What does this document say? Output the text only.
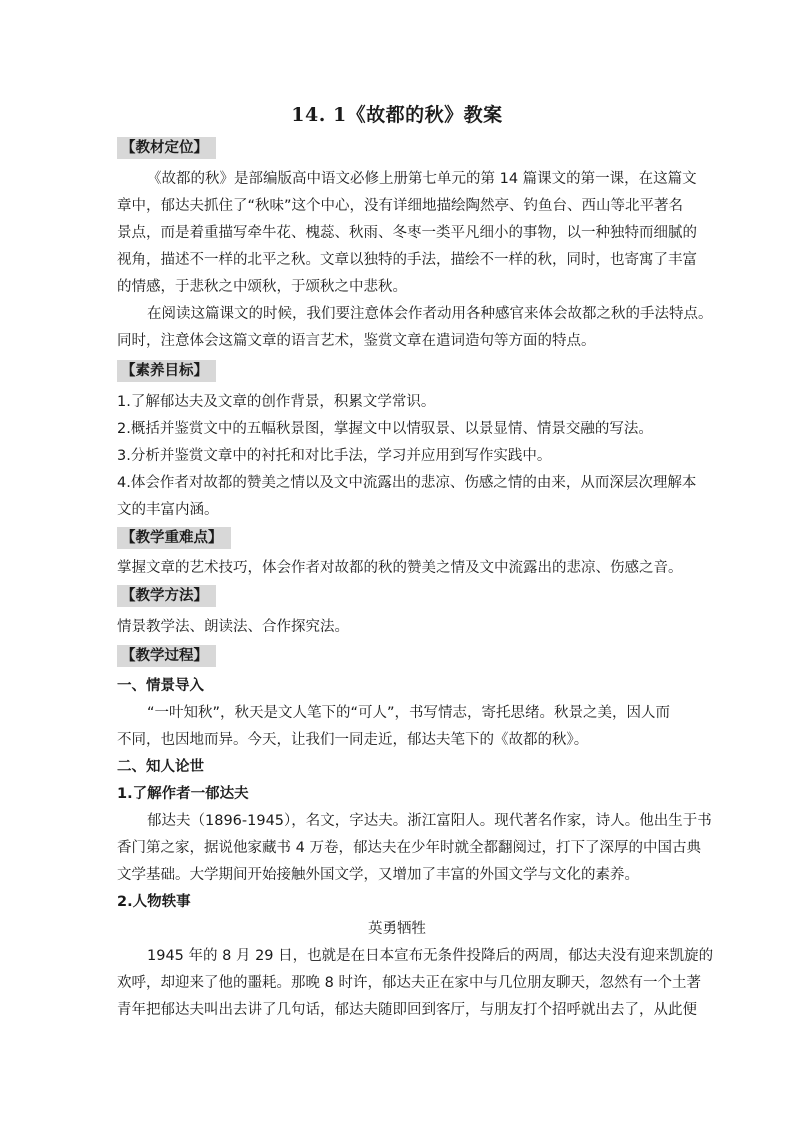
14. 1《故都的秋》教案
【教材定位】
《故都的秋》是部编版高中语文必修上册第七单元的第 14 篇课文的第一课，在这篇文
章中，郁达夫抓住了“秋味”这个中心，没有详细地描绘陶然亭、钓鱼台、西山等北平著名
景点，而是着重描写牵牛花、槐蕊、秋雨、冬枣一类平凡细小的事物，以一种独特而细腻的
视角，描述不一样的北平之秋。文章以独特的手法，描绘不一样的秋，同时，也寄寓了丰富
的情感，于悲秋之中颂秋，于颂秋之中悲秋。
在阅读这篇课文的时候，我们要注意体会作者动用各种感官来体会故都之秋的手法特点。
同时，注意体会这篇文章的语言艺术，鉴赏文章在遣词造句等方面的特点。
【素养目标】
1.了解郁达夫及文章的创作背景，积累文学常识。
2.概括并鉴赏文中的五幅秋景图，掌握文中以情驭景、以景显情、情景交融的写法。
3.分析并鉴赏文章中的衬托和对比手法，学习并应用到写作实践中。
4.体会作者对故都的赞美之情以及文中流露出的悲凉、伤感之情的由来，从而深层次理解本
文的丰富内涵。
【教学重难点】
掌握文章的艺术技巧，体会作者对故都的秋的赞美之情及文中流露出的悲凉、伤感之音。
【教学方法】
情景教学法、朗读法、合作探究法。
【教学过程】
一、情景导入
“一叶知秋”，秋天是文人笔下的“可人”，书写情志，寄托思绪。秋景之美，因人而
不同，也因地而异。今天，让我们一同走近，郁达夫笔下的《故都的秋》。
二、知人论世
1.了解作者一郁达夫
郁达夫（1896-1945），名文，字达夫。浙江富阳人。现代著名作家，诗人。他出生于书
香门第之家，据说他家藏书 4 万卷，郁达夫在少年时就全都翻阅过，打下了深厚的中国古典
文学基础。大学期间开始接触外国文学，又增加了丰富的外国文学与文化的素养。
2.人物轶事
英勇牺牲
1945 年的 8 月 29 日，也就是在日本宣布无条件投降后的两周，郁达夫没有迎来凯旋的
欢呼，却迎来了他的噩耗。那晚 8 时许，郁达夫正在家中与几位朋友聊天，忽然有一个土著
青年把郁达夫叫出去讲了几句话，郁达夫随即回到客厅，与朋友打个招呼就出去了，从此便
